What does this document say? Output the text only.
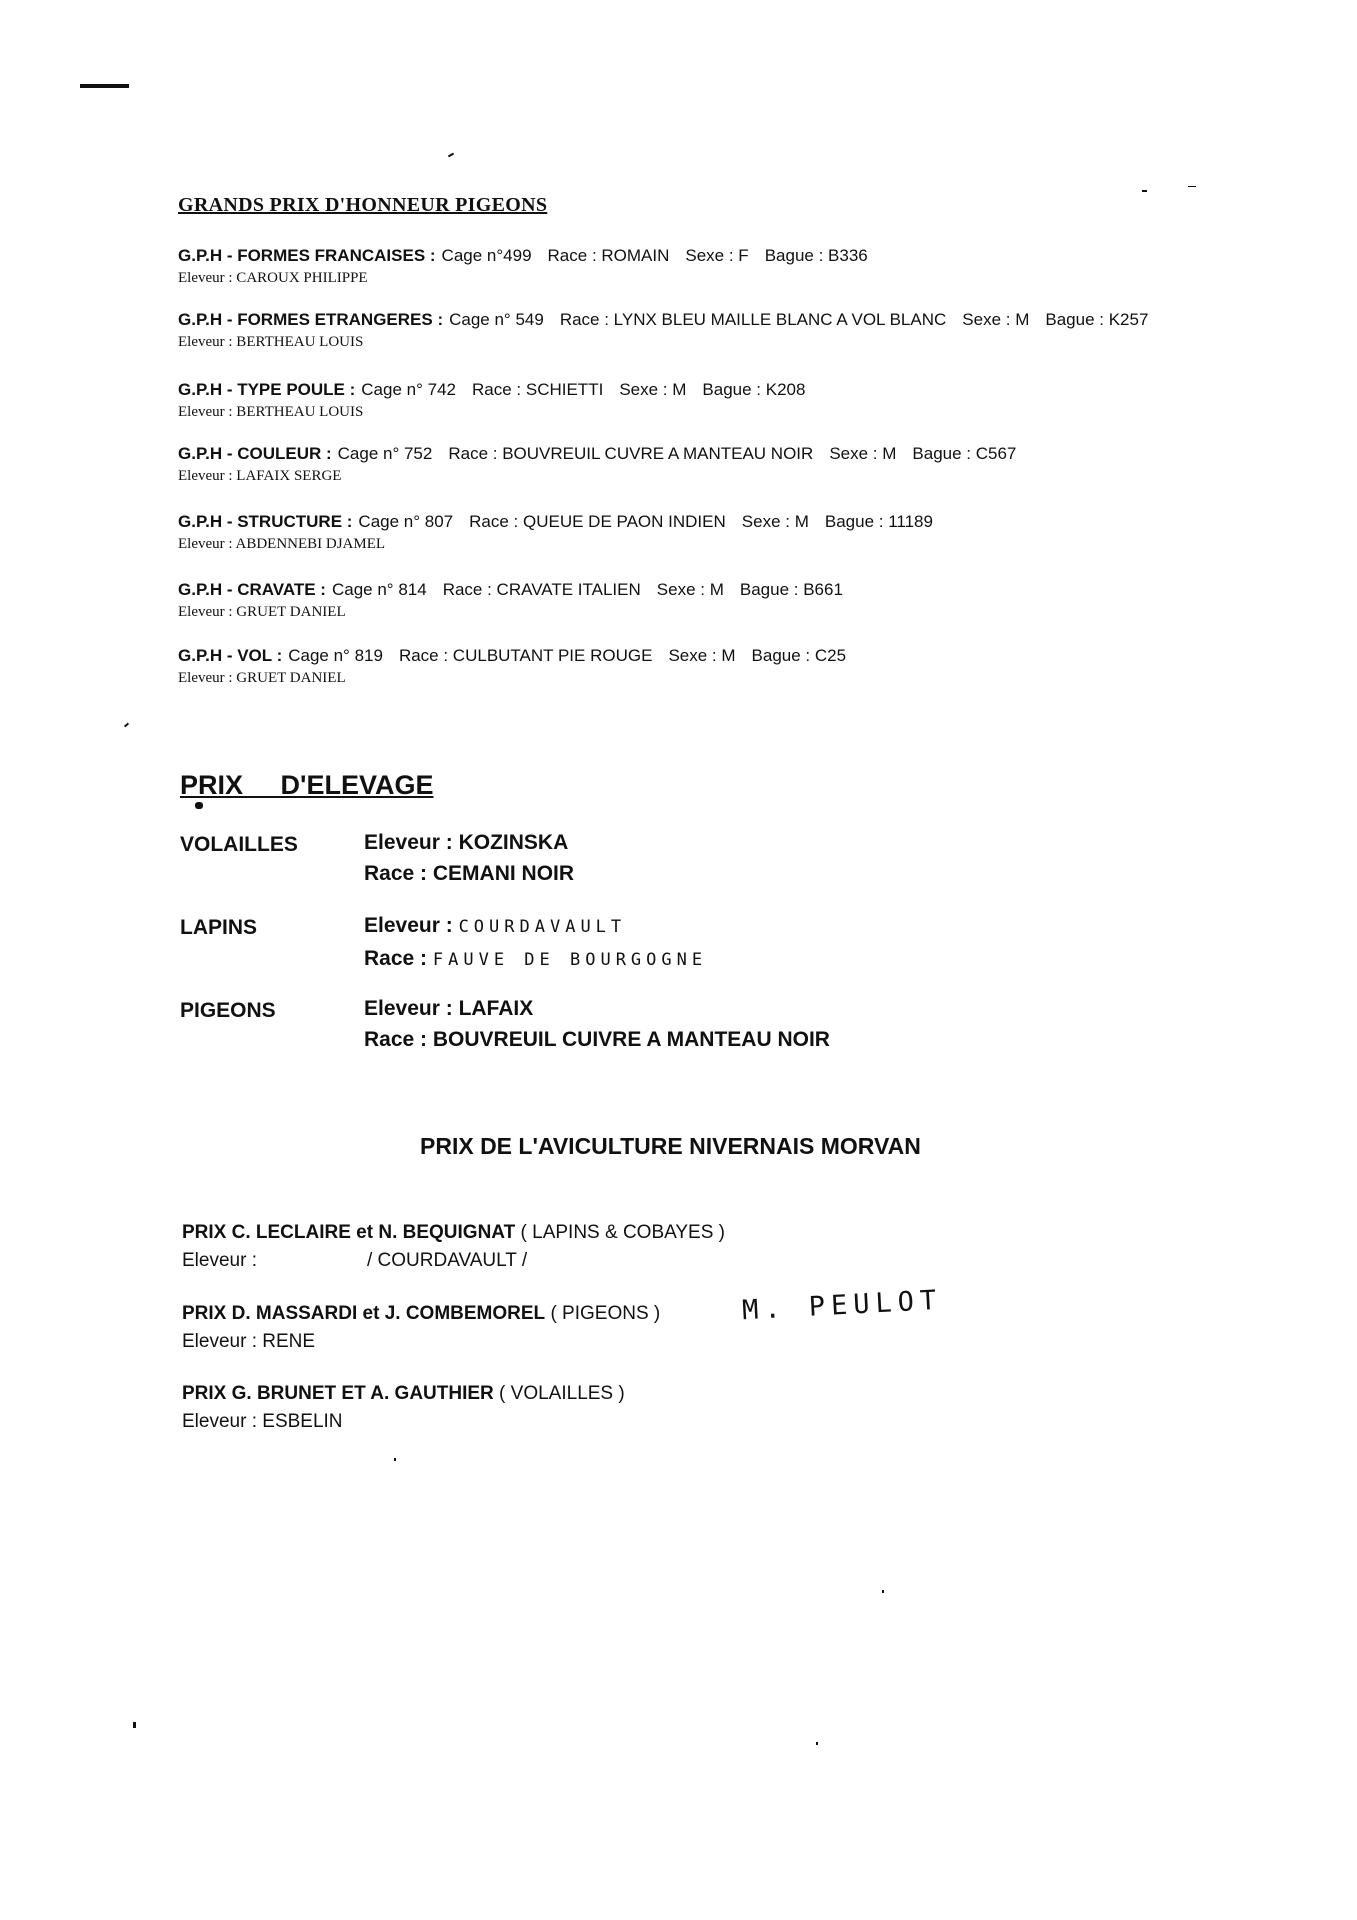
GRANDS PRIX D'HONNEUR PIGEONS
G.P.H - FORMES FRANCAISES : Cage n°499 Race : ROMAIN Sexe : F Bague : B336
Eleveur : CAROUX PHILIPPE
G.P.H - FORMES ETRANGERES : Cage n° 549 Race : LYNX BLEU MAILLE BLANC A VOL BLANC Sexe : M Bague : K257
Eleveur : BERTHEAU LOUIS
G.P.H - TYPE POULE : Cage n° 742 Race : SCHIETTI Sexe : M Bague : K208
Eleveur : BERTHEAU LOUIS
G.P.H - COULEUR : Cage n° 752 Race : BOUVREUIL CUVRE A MANTEAU NOIR Sexe : M Bague : C567
Eleveur : LAFAIX SERGE
G.P.H - STRUCTURE : Cage n° 807 Race : QUEUE DE PAON INDIEN Sexe : M Bague : 11189
Eleveur : ABDENNEBI DJAMEL
G.P.H - CRAVATE : Cage n° 814 Race : CRAVATE ITALIEN Sexe : M Bague : B661
Eleveur : GRUET DANIEL
G.P.H - VOL : Cage n° 819 Race : CULBUTANT PIE ROUGE Sexe : M Bague : C25
Eleveur : GRUET DANIEL
PRIX D'ELEVAGE
VOLAILLES	Eleveur : KOZINSKA
Race : CEMANI NOIR
LAPINS	Eleveur : COURDAVAULT
Race : FAUVE DE BOURGOGNE
PIGEONS	Eleveur : LAFAIX
Race : BOUVREUIL CUIVRE A MANTEAU NOIR
PRIX DE L'AVICULTURE NIVERNAIS MORVAN
PRIX C. LECLAIRE et N. BEQUIGNAT ( LAPINS & COBAYES )
Eleveur :	/ COURDAVAULT /
PRIX D. MASSARDI et J. COMBEMOREL ( PIGEONS )
Eleveur : RENE
M. PEULOT
PRIX G. BRUNET ET A. GAUTHIER ( VOLAILLES )
Eleveur : ESBELIN
